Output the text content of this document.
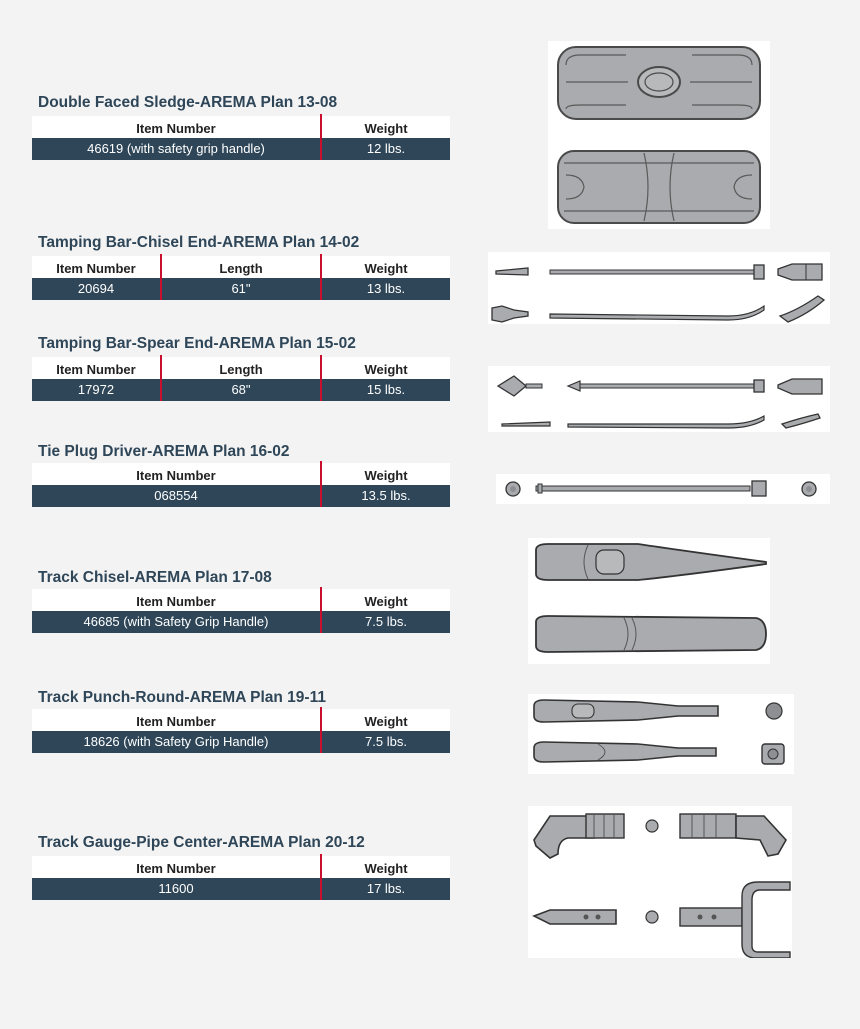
Double Faced Sledge-AREMA Plan 13-08
Item Number	Weight
46619 (with safety grip handle)	12 lbs.
Tamping Bar-Chisel End-AREMA Plan 14-02
Item Number	Length	Weight
20694	61"	13 lbs.
Tamping Bar-Spear End-AREMA Plan 15-02
Item Number	Length	Weight
17972	68"	15 lbs.
Tie Plug Driver-AREMA Plan 16-02
Item Number	Weight
068554	13.5 lbs.
Track Chisel-AREMA Plan 17-08
Item Number	Weight
46685 (with Safety Grip Handle)	7.5 lbs.
Track Punch-Round-AREMA Plan 19-11
Item Number	Weight
18626 (with Safety Grip Handle)	7.5 lbs.
Track Gauge-Pipe Center-AREMA Plan 20-12
Item Number	Weight
11600	17 lbs.
